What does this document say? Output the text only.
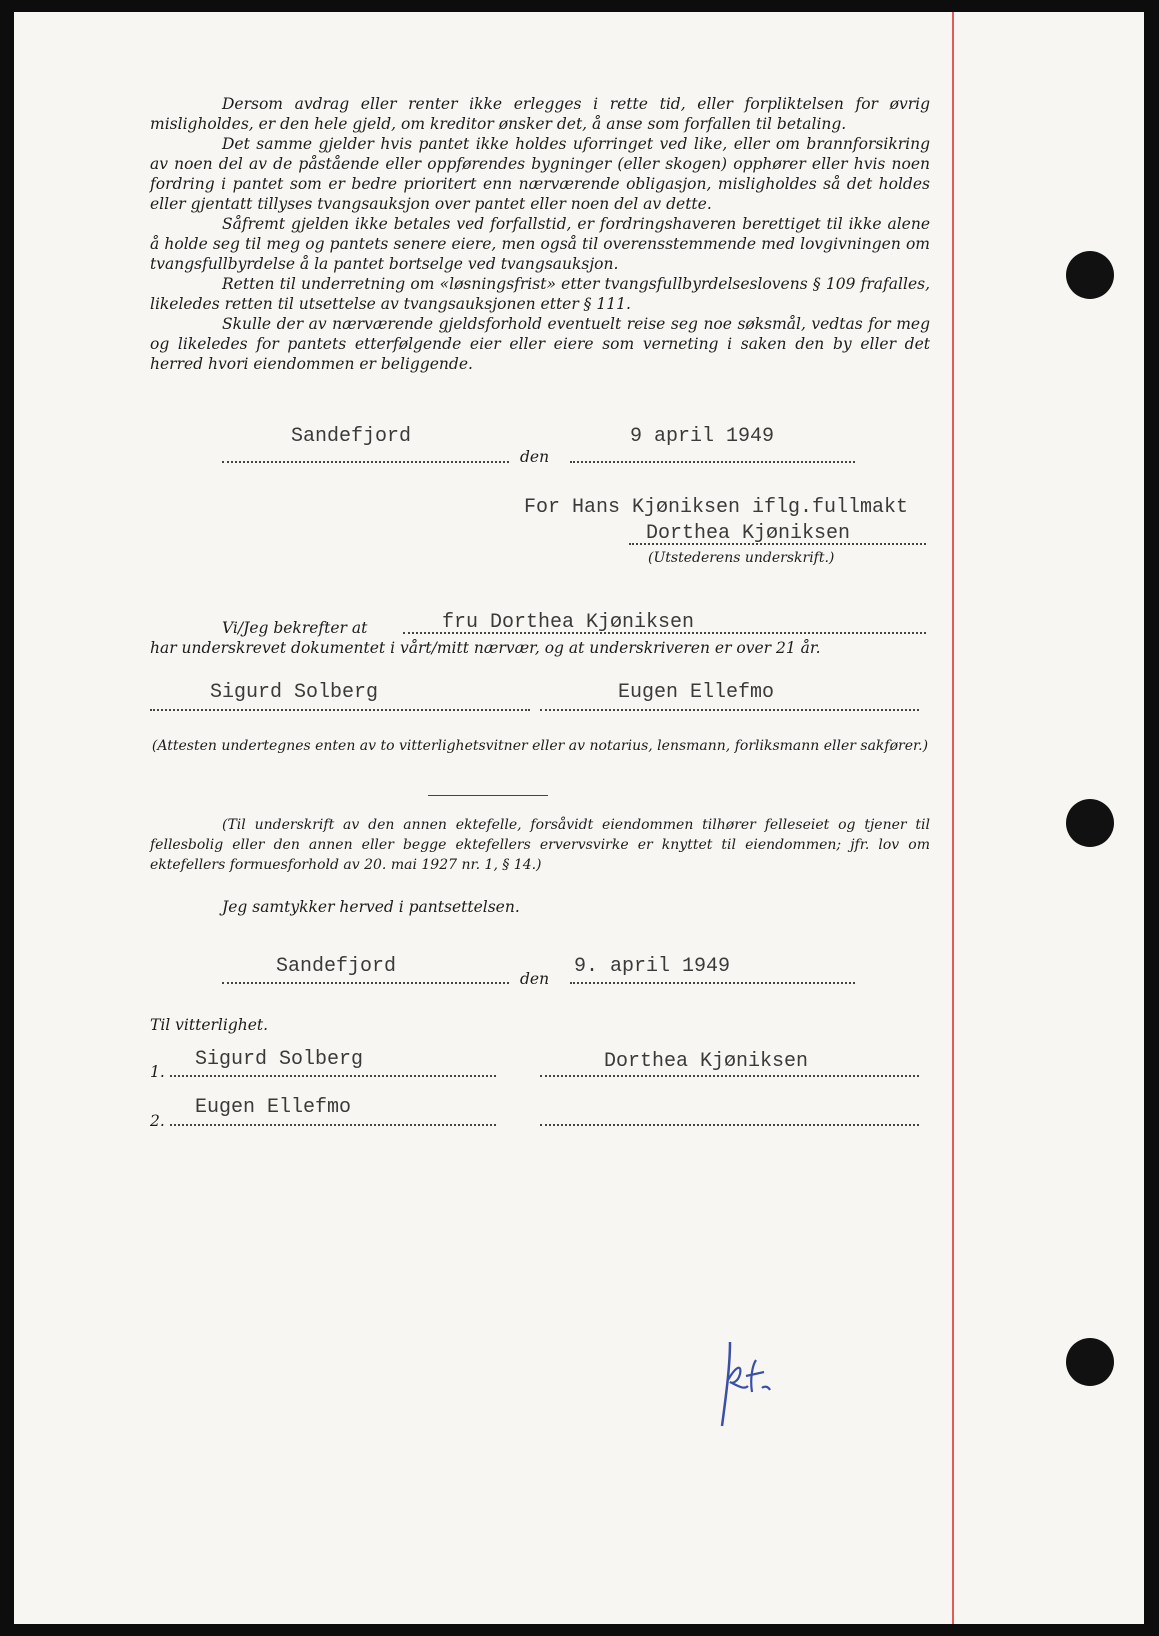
Dersom avdrag eller renter ikke erlegges i rette tid, eller forpliktelsen for øvrig misligholdes, er den hele gjeld, om kreditor ønsker det, å anse som forfallen til betaling.

Det samme gjelder hvis pantet ikke holdes uforringet ved like, eller om brannforsikring av noen del av de påstående eller oppførendes bygninger (eller skogen) opphører eller hvis noen fordring i pantet som er bedre prioritert enn nærværende obligasjon, misligholdes så det holdes eller gjentatt tillyses tvangsauksjon over pantet eller noen del av dette.

Såfremt gjelden ikke betales ved forfallstid, er fordringshaveren berettiget til ikke alene å holde seg til meg og pantets senere eiere, men også til overensstemmende med lovgivningen om tvangsfullbyrdelse å la pantet bortselge ved tvangsauksjon.

Retten til underretning om «løsningsfrist» etter tvangsfullbyrdelseslovens § 109 frafalles, likeledes retten til utsettelse av tvangsauksjonen etter § 111.

Skulle der av nærværende gjeldsforhold eventuelt reise seg noe søksmål, vedtas for meg og likeledes for pantets etterfølgende eier eller eiere som verneting i saken den by eller det herred hvori eiendommen er beliggende.

Sandefjord
den
9 april 1949
For Hans Kjøniksen iflg.fullmakt
Dorthea Kjøniksen
(Utstederens underskrift.)
Vi/Jeg bekrefter at	fru Dorthea Kjøniksen
har underskrevet dokumentet i vårt/mitt nærvær, og at underskriveren er over 21 år.
Sigurd Solberg	Eugen Ellefmo
(Attesten undertegnes enten av to vitterlighetsvitner eller av notarius, lensmann, forliksmann eller sakfører.)

(Til underskrift av den annen ektefelle, forsåvidt eiendommen tilhører felleseiet og tjener til fellesbolig eller den annen eller begge ektefellers ervervsvirke er knyttet til eiendommen; jfr. lov om ektefellers formuesforhold av 20. mai 1927 nr. 1, § 14.)

Jeg samtykker herved i pantsettelsen.
Sandefjord
den
9. april 1949
Til vitterlighet.
1.
Sigurd Solberg	Dorthea Kjøniksen
2.
Eugen Ellefmo
